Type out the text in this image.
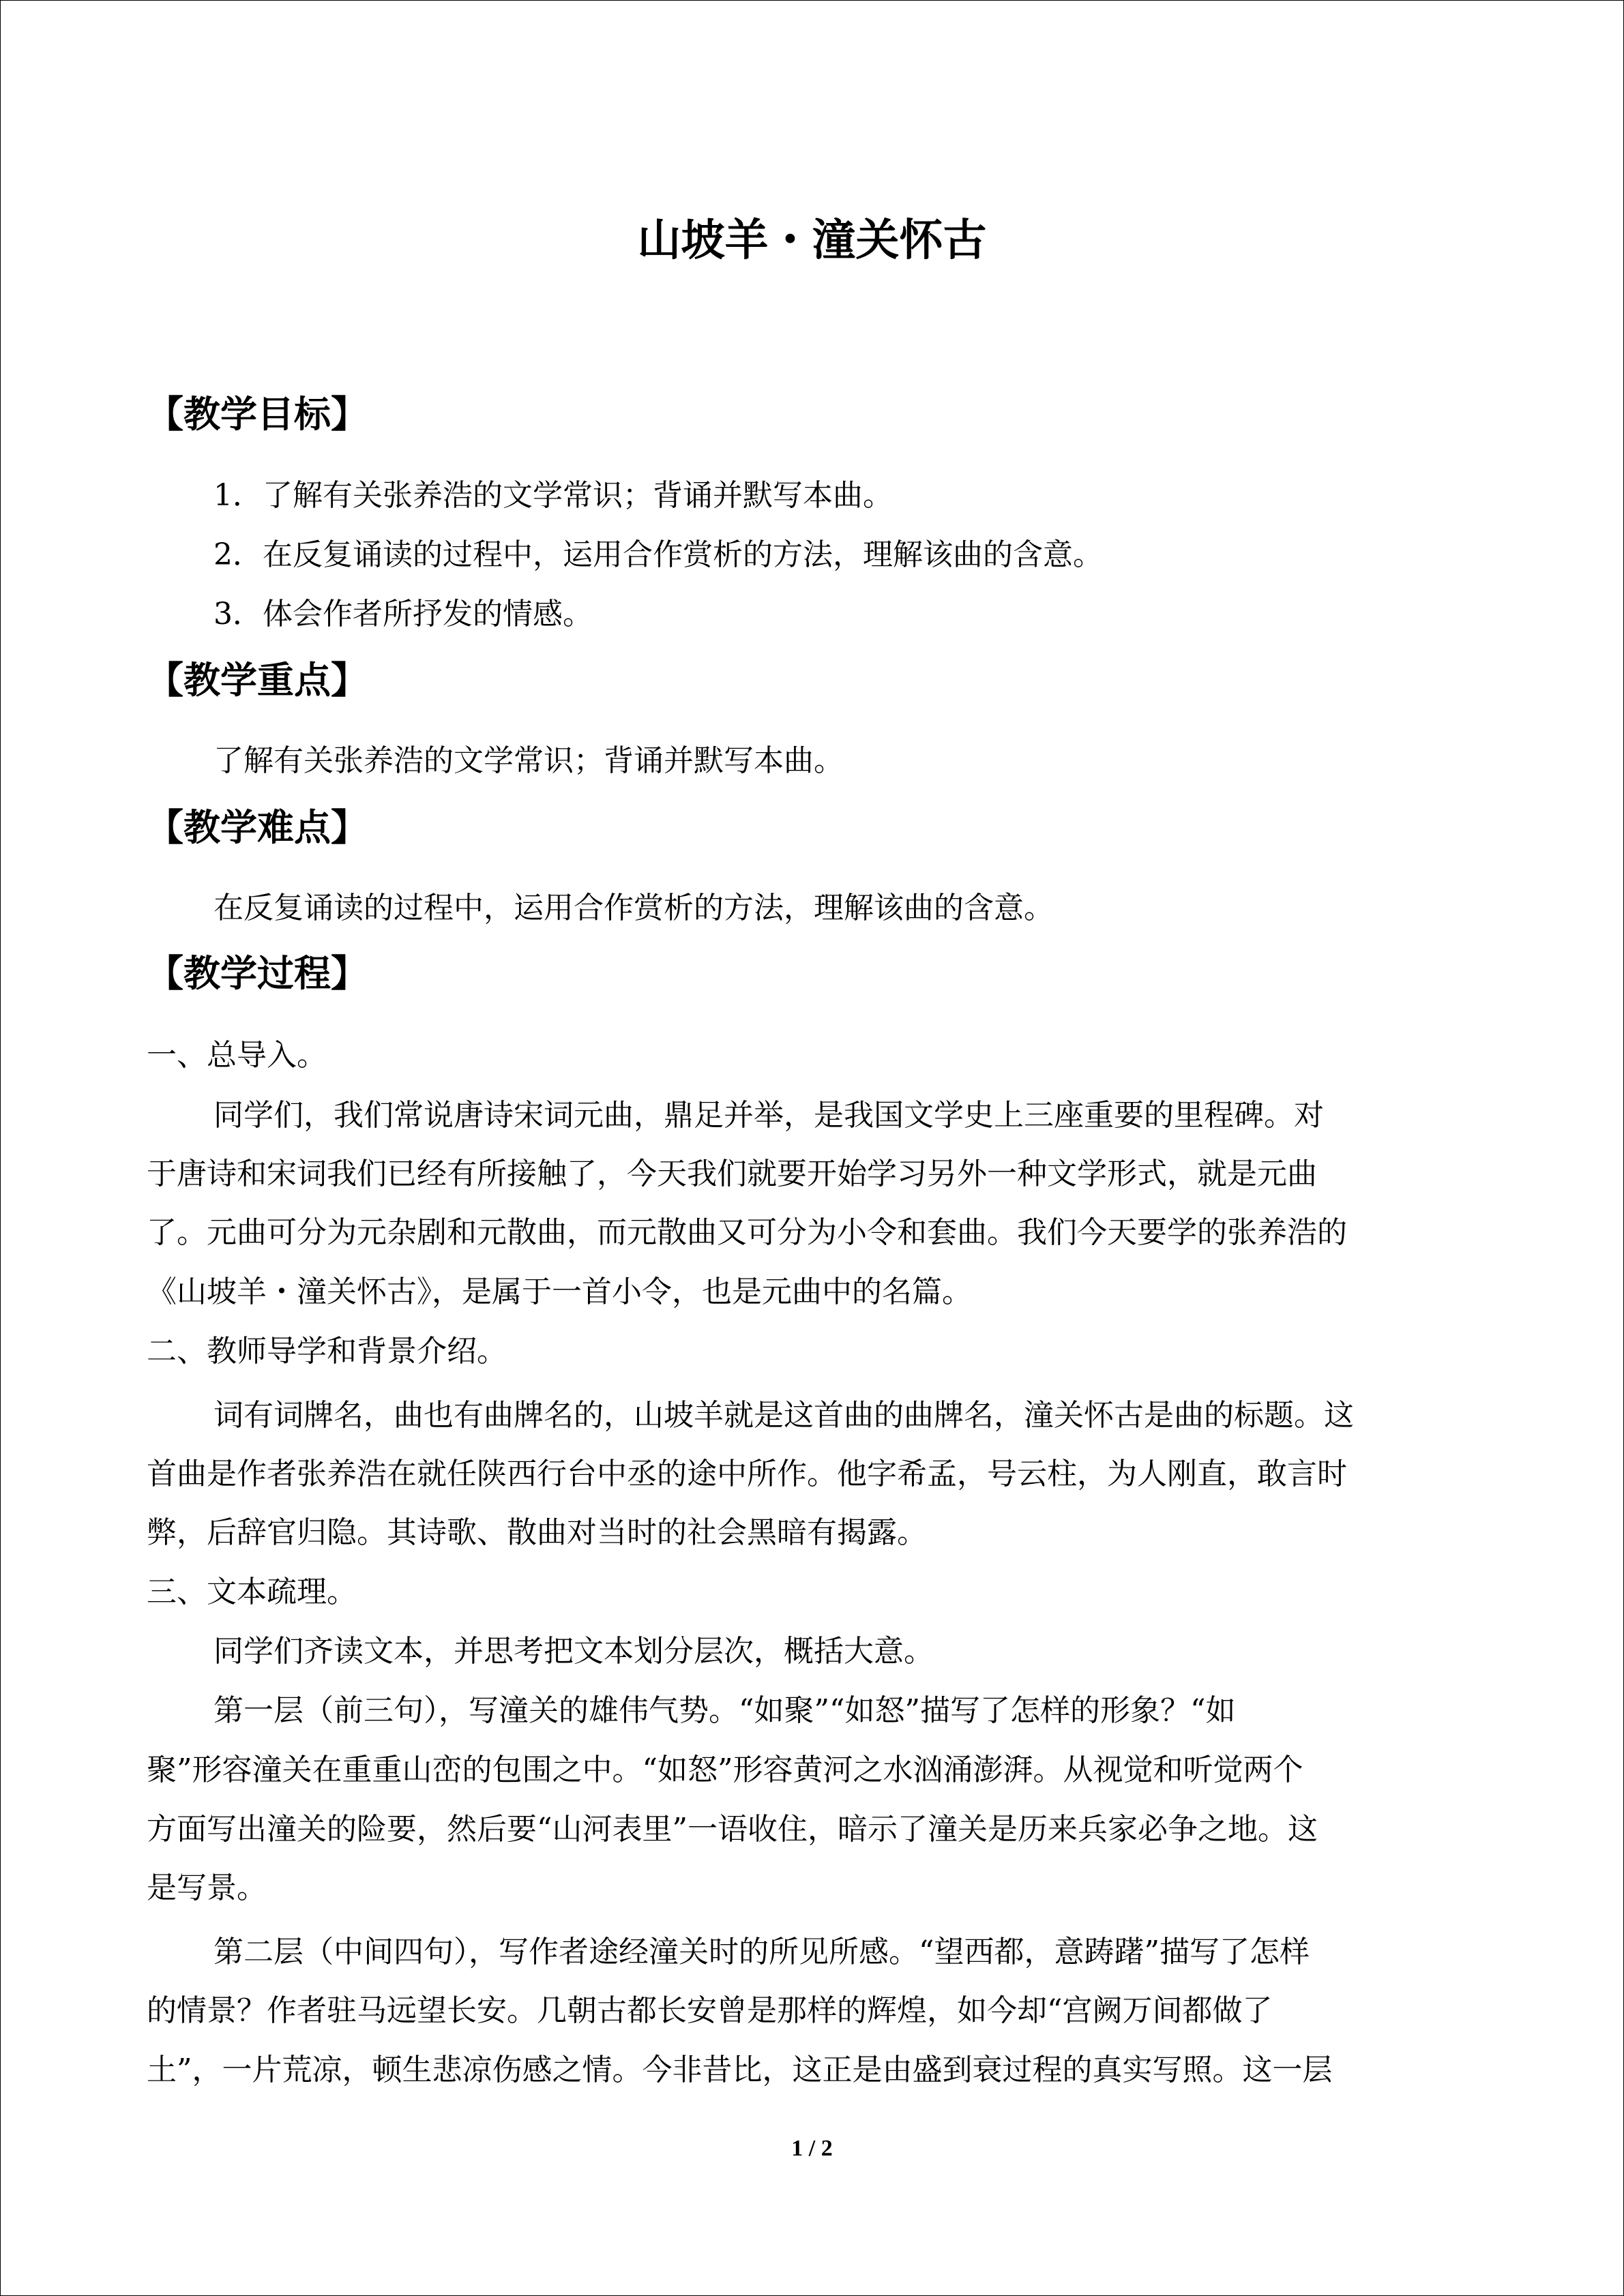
山坡羊・潼关怀古
【教学目标】
1．了解有关张养浩的文学常识；背诵并默写本曲。
2．在反复诵读的过程中，运用合作赏析的方法，理解该曲的含意。
3．体会作者所抒发的情感。
【教学重点】
了解有关张养浩的文学常识；背诵并默写本曲。
【教学难点】
在反复诵读的过程中，运用合作赏析的方法，理解该曲的含意。
【教学过程】
一、总导入。
同学们，我们常说唐诗宋词元曲，鼎足并举，是我国文学史上三座重要的里程碑。对
于唐诗和宋词我们已经有所接触了，今天我们就要开始学习另外一种文学形式，就是元曲
了。元曲可分为元杂剧和元散曲，而元散曲又可分为小令和套曲。我们今天要学的张养浩的
《山坡羊・潼关怀古》，是属于一首小令，也是元曲中的名篇。
二、教师导学和背景介绍。
词有词牌名，曲也有曲牌名的，山坡羊就是这首曲的曲牌名，潼关怀古是曲的标题。这
首曲是作者张养浩在就任陕西行台中丞的途中所作。他字希孟，号云柱，为人刚直，敢言时
弊，后辞官归隐。其诗歌、散曲对当时的社会黑暗有揭露。
三、文本疏理。
同学们齐读文本，并思考把文本划分层次，概括大意。
第一层（前三句），写潼关的雄伟气势。“如聚”“如怒”描写了怎样的形象？“如
聚”形容潼关在重重山峦的包围之中。“如怒”形容黄河之水汹涌澎湃。从视觉和听觉两个
方面写出潼关的险要，然后要“山河表里”一语收住，暗示了潼关是历来兵家必争之地。这
是写景。
第二层（中间四句），写作者途经潼关时的所见所感。“望西都，意踌躇”描写了怎样
的情景？作者驻马远望长安。几朝古都长安曾是那样的辉煌，如今却“宫阙万间都做了
土”，一片荒凉，顿生悲凉伤感之情。今非昔比，这正是由盛到衰过程的真实写照。这一层
1 / 2
